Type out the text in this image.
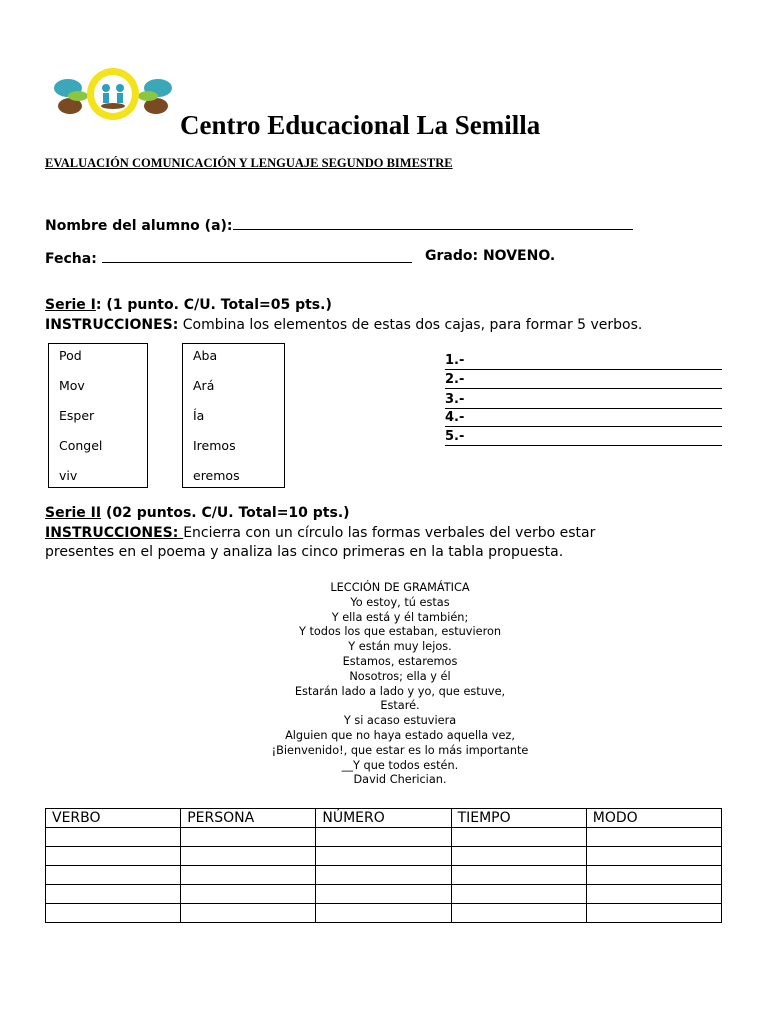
Centro Educacional La Semilla
EVALUACIÓN COMUNICACIÓN Y LENGUAJE SEGUNDO BIMESTRE
Nombre del alumno (a):
Fecha:	Grado: NOVENO.
Serie I: (1 punto. C/U. Total=05 pts.)
INSTRUCCIONES: Combina los elementos de estas dos cajas, para formar 5 verbos.
Pod
Mov
Esper
Congel
viv
Aba
Ará
Ía
Iremos
eremos
1.-
2.-
3.-
4.-
5.-
Serie II (02 puntos. C/U. Total=10 pts.)
INSTRUCCIONES: Encierra con un círculo las formas verbales del verbo estar
presentes en el poema y analiza las cinco primeras en la tabla propuesta.
LECCIÓN DE GRAMÁTICA
Yo estoy, tú estas
Y ella está y él también;
Y todos los que estaban, estuvieron
Y están muy lejos.
Estamos, estaremos
Nosotros; ella y él
Estarán lado a lado y yo, que estuve,
Estaré.
Y si acaso estuviera
Alguien que no haya estado aquella vez,
¡Bienvenido!, que estar es lo más importante
__Y que todos estén.
David Cherician.
VERBO	PERSONA	NÚMERO	TIEMPO	MODO
